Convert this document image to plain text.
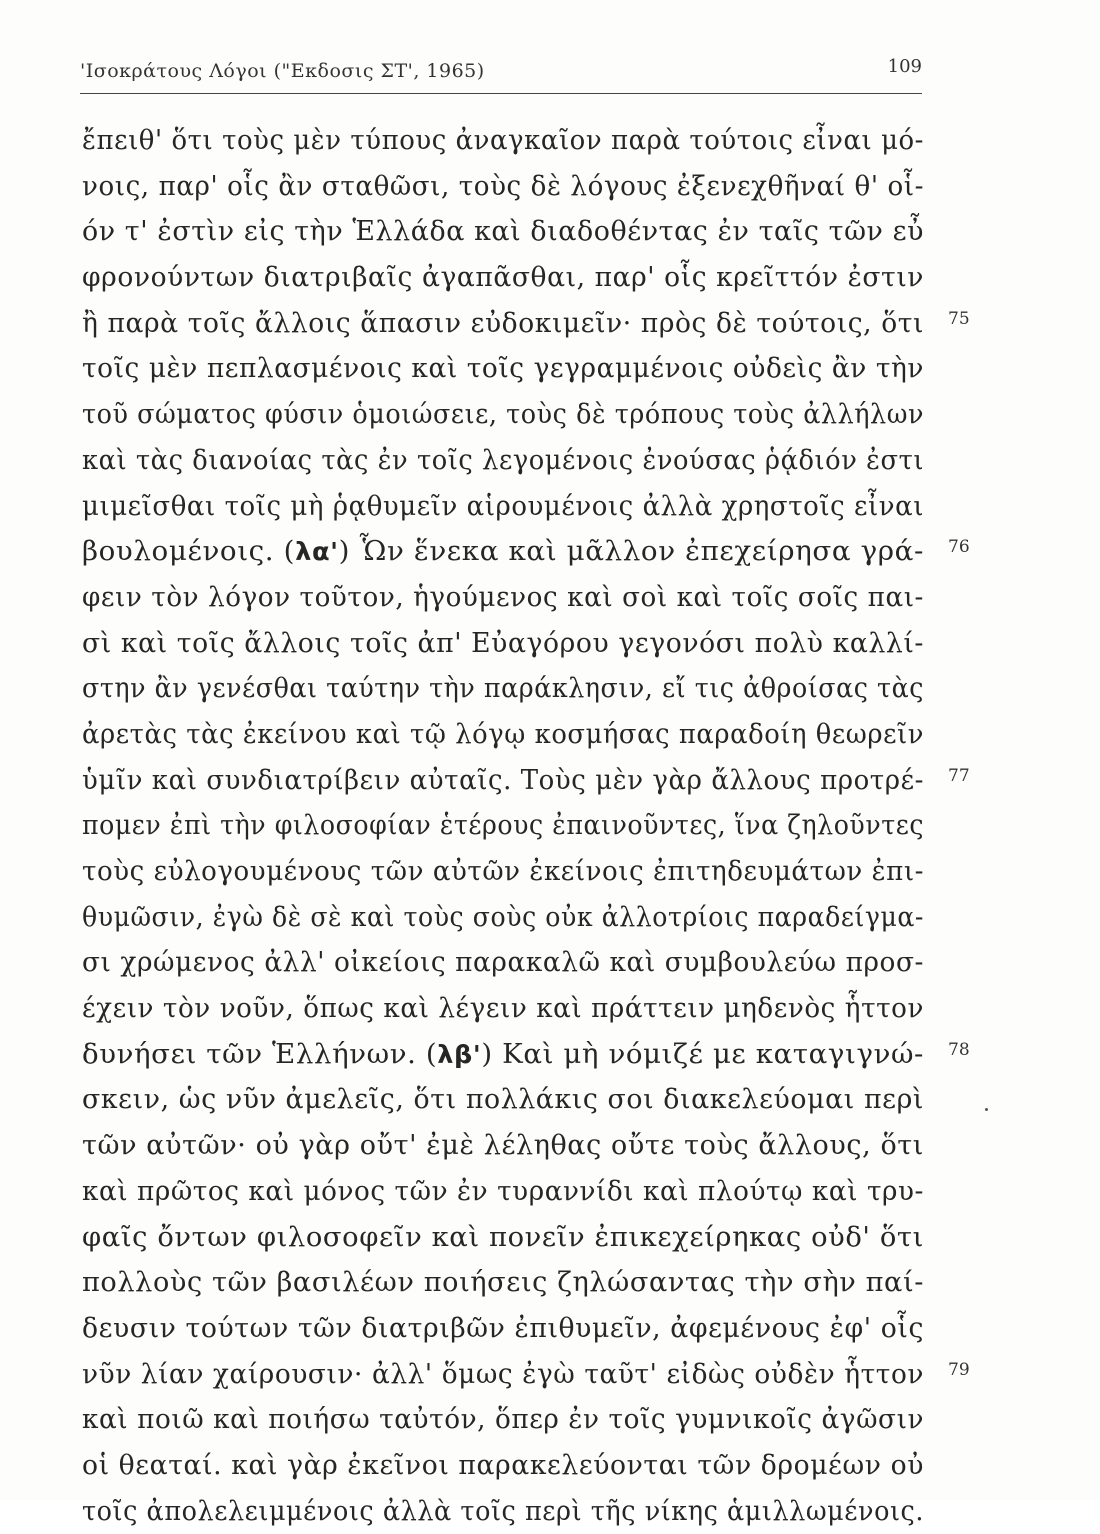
'Ισοκράτους Λόγοι ("Εκδοσις ΣΤ', 1965)	109
ἔπειθ' ὅτι τοὺς μὲν τύπους ἀναγκαῖον παρὰ τούτοις εἶναι μό-
νοις, παρ' οἷς ἂν σταθῶσι, τοὺς δὲ λόγους ἐξενεχθῆναί θ' οἷ-
όν τ' ἐστὶν εἰς τὴν Ἑλλάδα καὶ διαδοθέντας ἐν ταῖς τῶν εὖ
φρονούντων διατριβαῖς ἀγαπᾶσθαι, παρ' οἷς κρεῖττόν ἐστιν
ἢ παρὰ τοῖς ἄλλοις ἅπασιν εὐδοκιμεῖν· πρὸς δὲ τούτοις, ὅτι
τοῖς μὲν πεπλασμένοις καὶ τοῖς γεγραμμένοις οὐδεὶς ἂν τὴν
τοῦ σώματος φύσιν ὁμοιώσειε, τοὺς δὲ τρόπους τοὺς ἀλλήλων
καὶ τὰς διανοίας τὰς ἐν τοῖς λεγομένοις ἐνούσας ῥᾴδιόν ἐστι
μιμεῖσθαι τοῖς μὴ ῥᾳθυμεῖν αἱρουμένοις ἀλλὰ χρηστοῖς εἶναι
βουλομένοις. (λα') Ὧν ἕνεκα καὶ μᾶλλον ἐπεχείρησα γρά-
φειν τὸν λόγον τοῦτον, ἡγούμενος καὶ σοὶ καὶ τοῖς σοῖς παι-
σὶ καὶ τοῖς ἄλλοις τοῖς ἀπ' Εὐαγόρου γεγονόσι πολὺ καλλί-
στην ἂν γενέσθαι ταύτην τὴν παράκλησιν, εἴ τις ἀθροίσας τὰς
ἀρετὰς τὰς ἐκείνου καὶ τῷ λόγῳ κοσμήσας παραδοίη θεωρεῖν
ὑμῖν καὶ συνδιατρίβειν αὐταῖς. Τοὺς μὲν γὰρ ἄλλους προτρέ-
πομεν ἐπὶ τὴν φιλοσοφίαν ἑτέρους ἐπαινοῦντες, ἵνα ζηλοῦντες
τοὺς εὐλογουμένους τῶν αὐτῶν ἐκείνοις ἐπιτηδευμάτων ἐπι-
θυμῶσιν, ἐγὼ δὲ σὲ καὶ τοὺς σοὺς οὐκ ἀλλοτρίοις παραδείγμα-
σι χρώμενος ἀλλ' οἰκείοις παρακαλῶ καὶ συμβουλεύω προσ-
έχειν τὸν νοῦν, ὅπως καὶ λέγειν καὶ πράττειν μηδενὸς ἧττον
δυνήσει τῶν Ἑλλήνων. (λβ') Καὶ μὴ νόμιζέ με καταγιγνώ-
σκειν, ὡς νῦν ἀμελεῖς, ὅτι πολλάκις σοι διακελεύομαι περὶ
τῶν αὐτῶν· οὐ γὰρ οὔτ' ἐμὲ λέληθας οὔτε τοὺς ἄλλους, ὅτι
καὶ πρῶτος καὶ μόνος τῶν ἐν τυραννίδι καὶ πλούτῳ καὶ τρυ-
φαῖς ὄντων φιλοσοφεῖν καὶ πονεῖν ἐπικεχείρηκας οὐδ' ὅτι
πολλοὺς τῶν βασιλέων ποιήσεις ζηλώσαντας τὴν σὴν παί-
δευσιν τούτων τῶν διατριβῶν ἐπιθυμεῖν, ἀφεμένους ἐφ' οἷς
νῦν λίαν χαίρουσιν· ἀλλ' ὅμως ἐγὼ ταῦτ' εἰδὼς οὐδὲν ἧττον
καὶ ποιῶ καὶ ποιήσω ταὐτόν, ὅπερ ἐν τοῖς γυμνικοῖς ἀγῶσιν
οἱ θεαταί. καὶ γὰρ ἐκεῖνοι παρακελεύονται τῶν δρομέων οὐ
τοῖς ἀπολελειμμένοις ἀλλὰ τοῖς περὶ τῆς νίκης ἁμιλλωμένοις.
75
76
77
78
79
